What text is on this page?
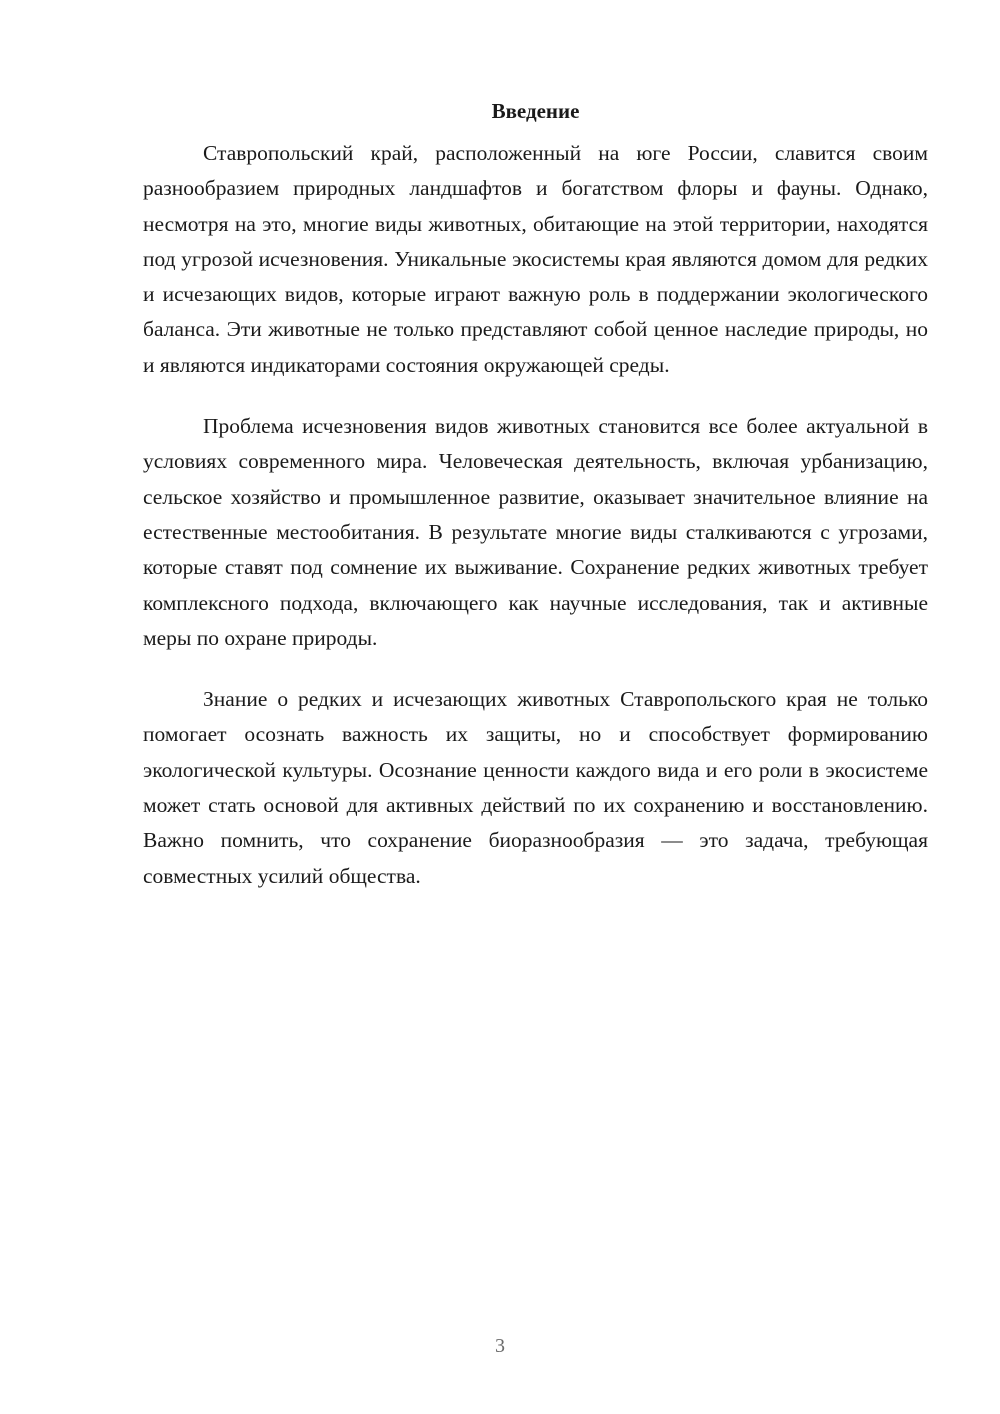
Введение

Ставропольский край, расположенный на юге России, славится своим разнообразием природных ландшафтов и богатством флоры и фауны. Однако, несмотря на это, многие виды животных, обитающие на этой территории, находятся под угрозой исчезновения. Уникальные экосистемы края являются домом для редких и исчезающих видов, которые играют важную роль в поддержании экологического баланса. Эти животные не только представляют собой ценное наследие природы, но и являются индикаторами состояния окружающей среды.

Проблема исчезновения видов животных становится все более актуальной в условиях современного мира. Человеческая деятельность, включая урбанизацию, сельское хозяйство и промышленное развитие, оказывает значительное влияние на естественные местообитания. В результате многие виды сталкиваются с угрозами, которые ставят под сомнение их выживание. Сохранение редких животных требует комплексного подхода, включающего как научные исследования, так и активные меры по охране природы.

Знание о редких и исчезающих животных Ставропольского края не только помогает осознать важность их защиты, но и способствует формированию экологической культуры. Осознание ценности каждого вида и его роли в экосистеме может стать основой для активных действий по их сохранению и восстановлению. Важно помнить, что сохранение биоразнообразия — это задача, требующая совместных усилий общества.

3
